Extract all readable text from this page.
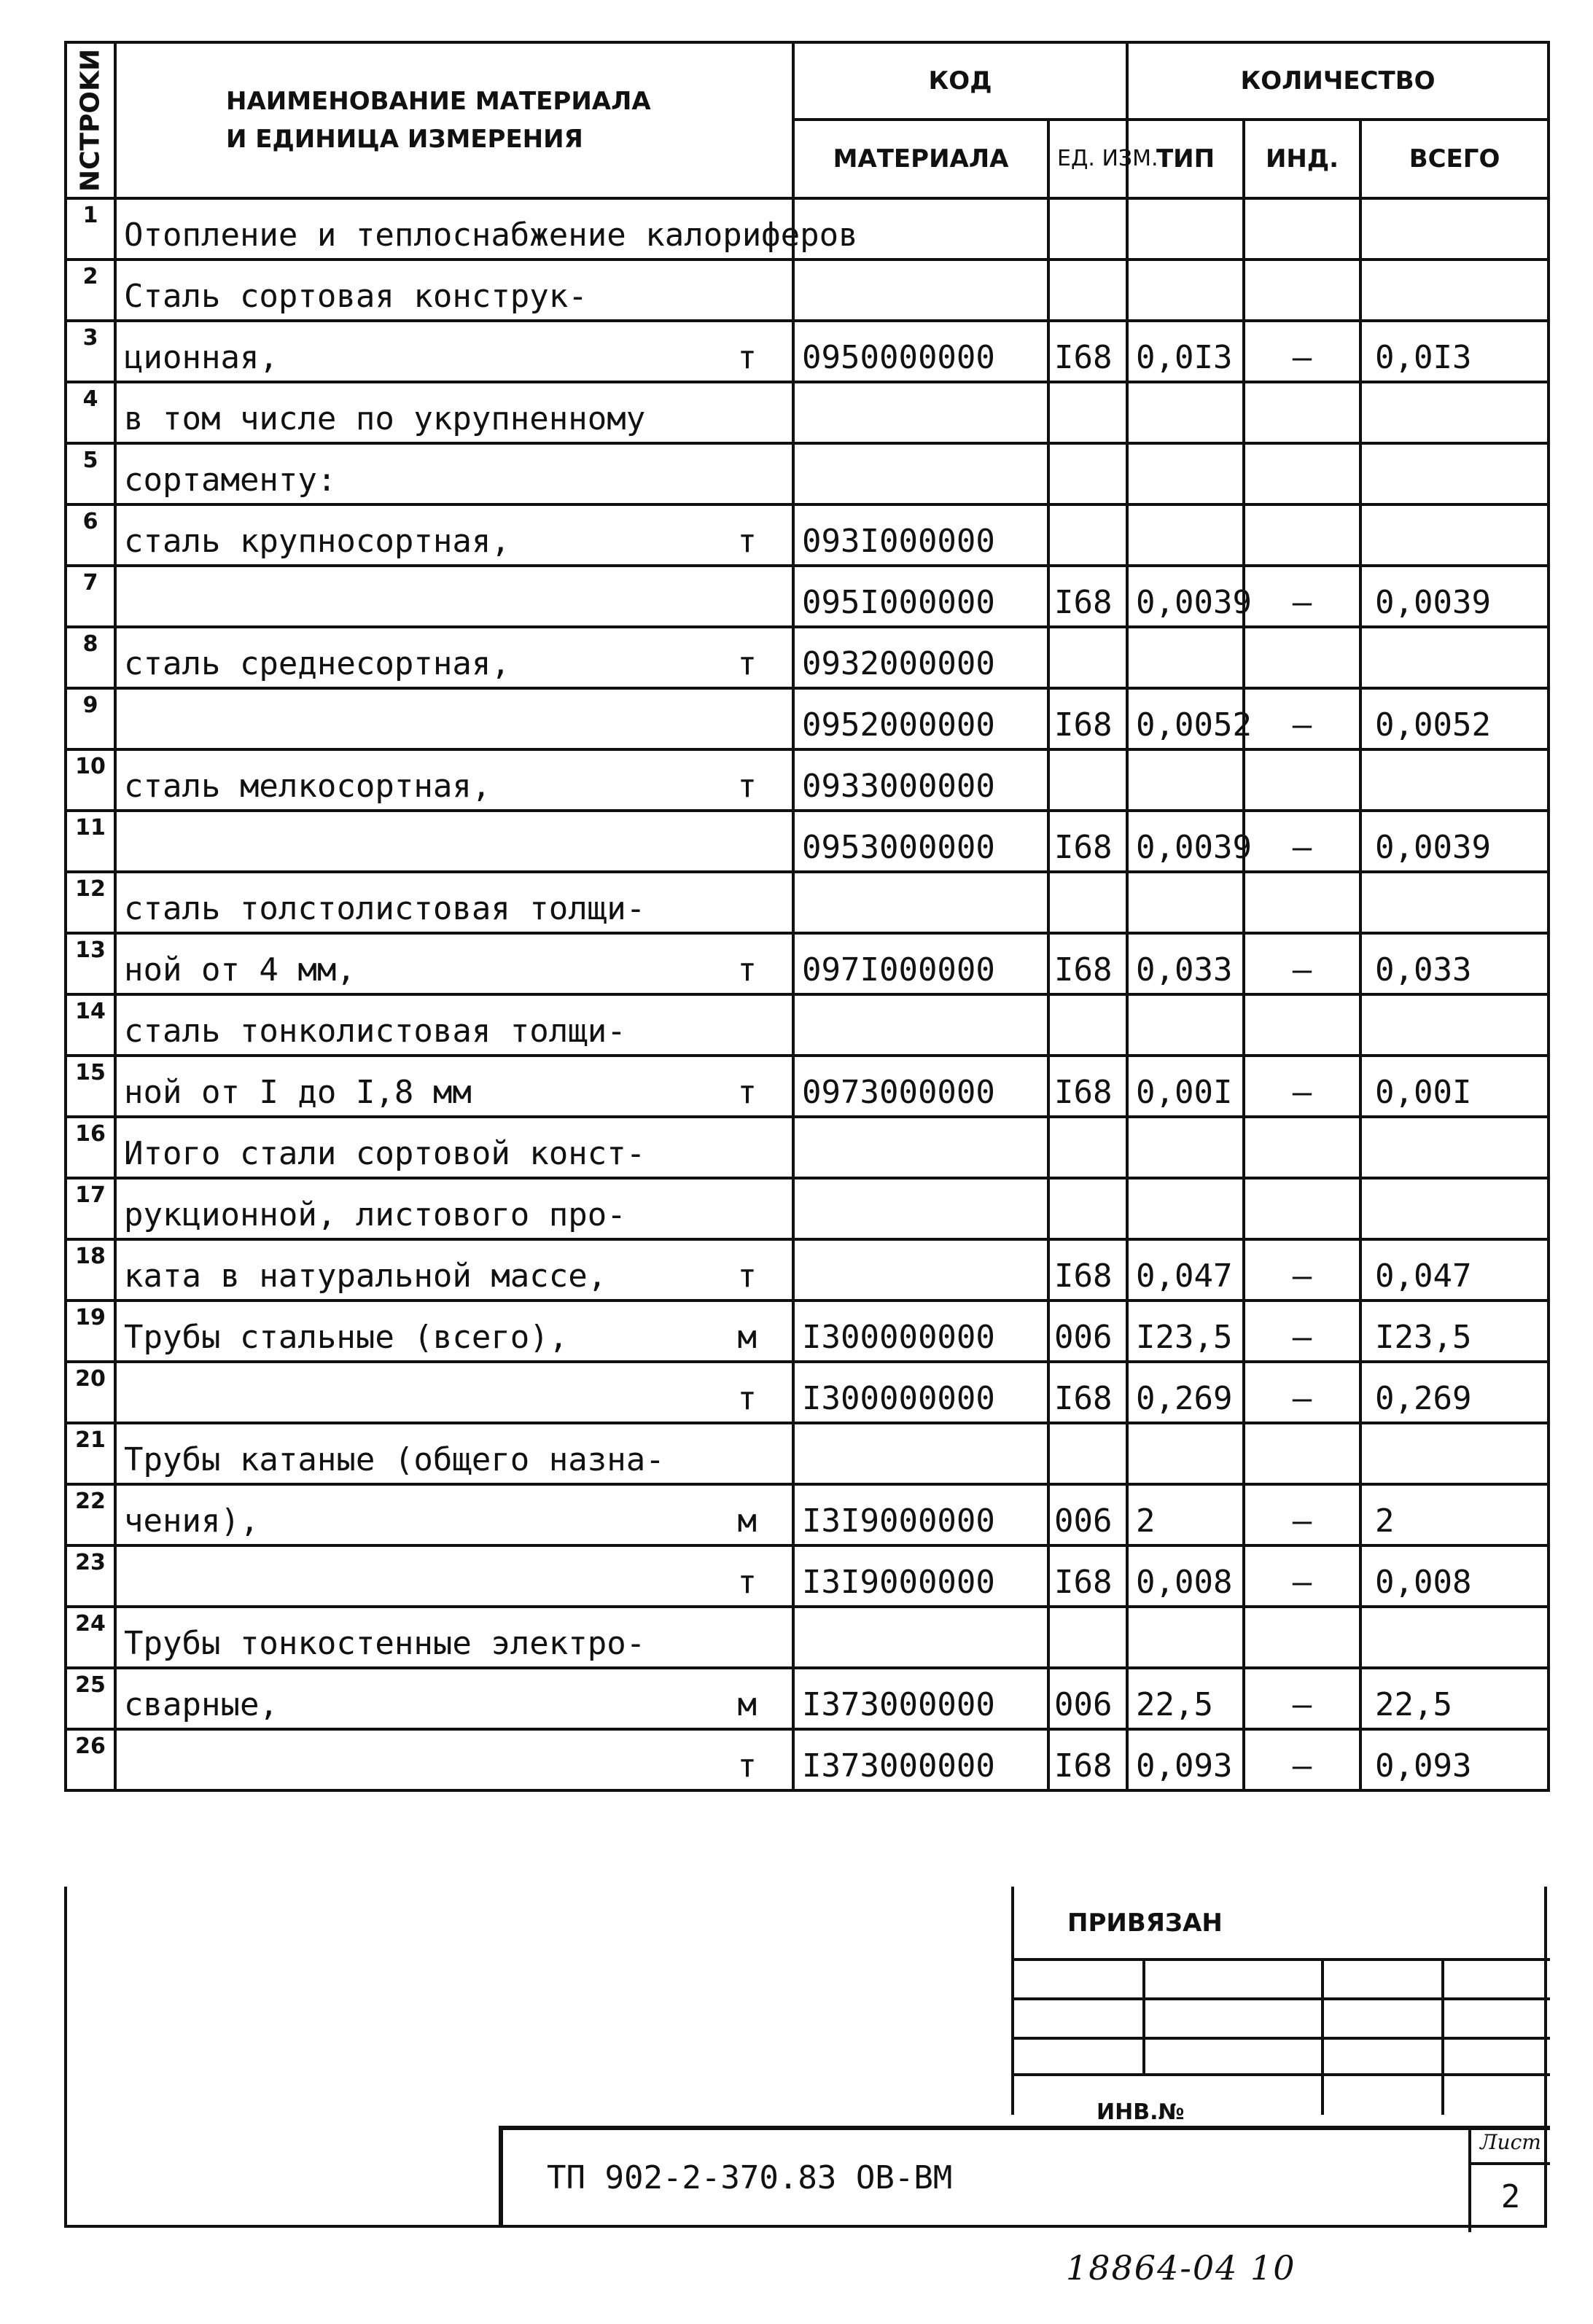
NCTPOKИ	НАИМЕНОВАНИЕ МАТЕРИАЛА
И ЕДИНИЦА ИЗМЕРЕНИЯ	КОД		КОЛИЧЕСТВО		
		МАТЕРИАЛА	ЕД. ИЗМ.	ТИП	ИНД.	ВСЕГО
1	Отопление и теплоснабжение калориферов

2	Сталь сортовая конструк-

3	ционная, т	0950000000	I68	0,0I3	–	0,0I3
4	в том числе по укрупненному

5	сортаменту:

6	сталь крупносортная, т	093I000000				
7		095I000000	I68	0,0039	–	0,0039
8	сталь среднесортная, т	0932000000				
9		0952000000	I68	0,0052	–	0,0052
10	сталь мелкосортная, т	0933000000				
11		0953000000	I68	0,0039	–	0,0039
12	сталь толстолистовая толщи-

13	ной от 4 мм, т	097I000000	I68	0,033	–	0,033
14	сталь тонколистовая толщи-

15	ной от I до I,8 мм т	0973000000	I68	0,00I	–	0,00I
16	Итого стали сортовой конст-

17	рукционной, листового про-

18	ката в натуральной массе, т		I68	0,047	–	0,047
19	Трубы стальные (всего), м	I300000000	006	I23,5	–	I23,5
20	т	I300000000	I68	0,269	–	0,269
21	Трубы катаные (общего назна-

22	чения), м	I3I9000000	006	2	–	2
23	т	I3I9000000	I68	0,008	–	0,008
24	Трубы тонкостенные электро-

25	сварные, м	I373000000	006	22,5	–	22,5
26	т	I373000000	I68	0,093	–	0,093
ПРИВЯЗАН
ИНВ.№
ТП 902-2-370.83 ОВ-ВМ
Лист
2
18864-04 10
